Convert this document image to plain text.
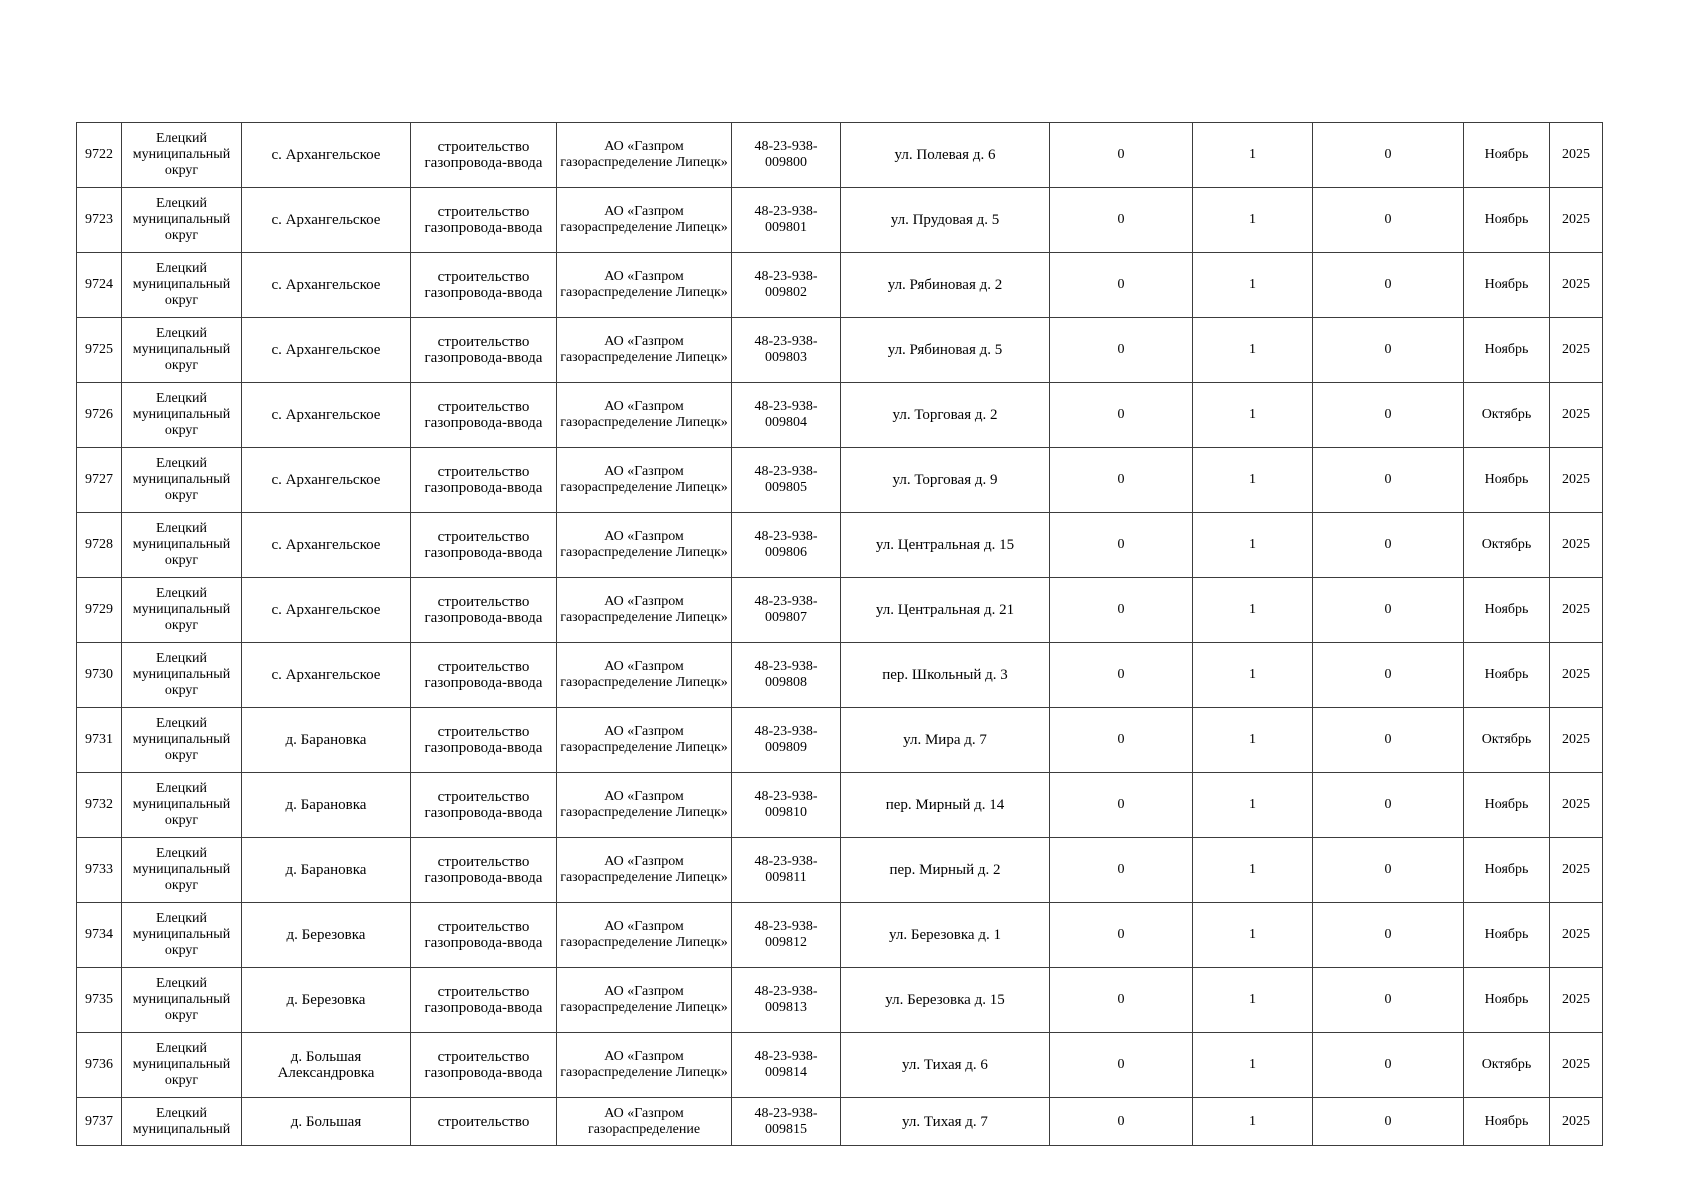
9722	Елецкий муниципальный округ	с. Архангельское	строительство газопровода-ввода	АО «Газпром газораспределение Липецк»	48-23-938-009800	ул. Полевая д. 6	0	1	0	Ноябрь	2025
9723	Елецкий муниципальный округ	с. Архангельское	строительство газопровода-ввода	АО «Газпром газораспределение Липецк»	48-23-938-009801	ул. Прудовая д. 5	0	1	0	Ноябрь	2025
9724	Елецкий муниципальный округ	с. Архангельское	строительство газопровода-ввода	АО «Газпром газораспределение Липецк»	48-23-938-009802	ул. Рябиновая д. 2	0	1	0	Ноябрь	2025
9725	Елецкий муниципальный округ	с. Архангельское	строительство газопровода-ввода	АО «Газпром газораспределение Липецк»	48-23-938-009803	ул. Рябиновая д. 5	0	1	0	Ноябрь	2025
9726	Елецкий муниципальный округ	с. Архангельское	строительство газопровода-ввода	АО «Газпром газораспределение Липецк»	48-23-938-009804	ул. Торговая д. 2	0	1	0	Октябрь	2025
9727	Елецкий муниципальный округ	с. Архангельское	строительство газопровода-ввода	АО «Газпром газораспределение Липецк»	48-23-938-009805	ул. Торговая д. 9	0	1	0	Ноябрь	2025
9728	Елецкий муниципальный округ	с. Архангельское	строительство газопровода-ввода	АО «Газпром газораспределение Липецк»	48-23-938-009806	ул. Центральная д. 15	0	1	0	Октябрь	2025
9729	Елецкий муниципальный округ	с. Архангельское	строительство газопровода-ввода	АО «Газпром газораспределение Липецк»	48-23-938-009807	ул. Центральная д. 21	0	1	0	Ноябрь	2025
9730	Елецкий муниципальный округ	с. Архангельское	строительство газопровода-ввода	АО «Газпром газораспределение Липецк»	48-23-938-009808	пер. Школьный д. 3	0	1	0	Ноябрь	2025
9731	Елецкий муниципальный округ	д. Барановка	строительство газопровода-ввода	АО «Газпром газораспределение Липецк»	48-23-938-009809	ул. Мира д. 7	0	1	0	Октябрь	2025
9732	Елецкий муниципальный округ	д. Барановка	строительство газопровода-ввода	АО «Газпром газораспределение Липецк»	48-23-938-009810	пер. Мирный д. 14	0	1	0	Ноябрь	2025
9733	Елецкий муниципальный округ	д. Барановка	строительство газопровода-ввода	АО «Газпром газораспределение Липецк»	48-23-938-009811	пер. Мирный д. 2	0	1	0	Ноябрь	2025
9734	Елецкий муниципальный округ	д. Березовка	строительство газопровода-ввода	АО «Газпром газораспределение Липецк»	48-23-938-009812	ул. Березовка д. 1	0	1	0	Ноябрь	2025
9735	Елецкий муниципальный округ	д. Березовка	строительство газопровода-ввода	АО «Газпром газораспределение Липецк»	48-23-938-009813	ул. Березовка д. 15	0	1	0	Ноябрь	2025
9736	Елецкий муниципальный округ	д. Большая Александровка	строительство газопровода-ввода	АО «Газпром газораспределение Липецк»	48-23-938-009814	ул. Тихая д. 6	0	1	0	Октябрь	2025
9737	Елецкий муниципальный	д. Большая	строительство	АО «Газпром газораспределение	48-23-938-009815	ул. Тихая д. 7	0	1	0	Ноябрь	2025
